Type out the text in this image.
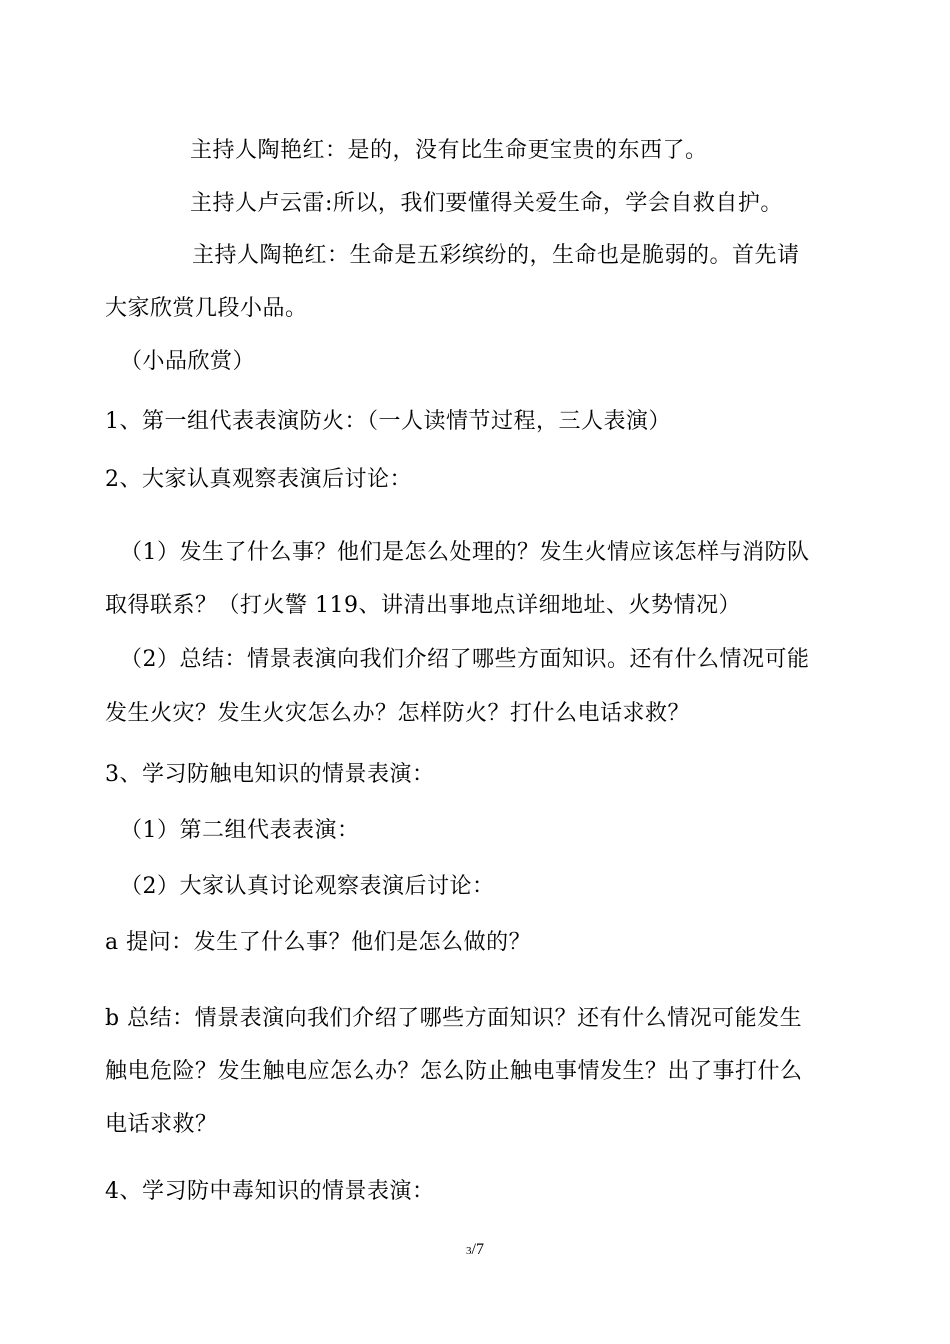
主持人陶艳红：是的，没有比生命更宝贵的东西了。
主持人卢云雷:所以，我们要懂得关爱生命，学会自救自护。
主持人陶艳红：生命是五彩缤纷的，生命也是脆弱的。首先请
大家欣赏几段小品。
（小品欣赏）
1、第一组代表表演防火：（一人读情节过程，三人表演）
2、大家认真观察表演后讨论：
（1）发生了什么事？他们是怎么处理的？发生火情应该怎样与消防队
取得联系？（打火警 119、讲清出事地点详细地址、火势情况）
（2）总结：情景表演向我们介绍了哪些方面知识。还有什么情况可能
发生火灾？发生火灾怎么办？怎样防火？打什么电话求救？
3、学习防触电知识的情景表演：
（1）第二组代表表演：
（2）大家认真讨论观察表演后讨论：
a 提问：发生了什么事？他们是怎么做的？
b 总结：情景表演向我们介绍了哪些方面知识？还有什么情况可能发生
触电危险？发生触电应怎么办？怎么防止触电事情发生？出了事打什么
电话求救？
4、学习防中毒知识的情景表演：
3/7
